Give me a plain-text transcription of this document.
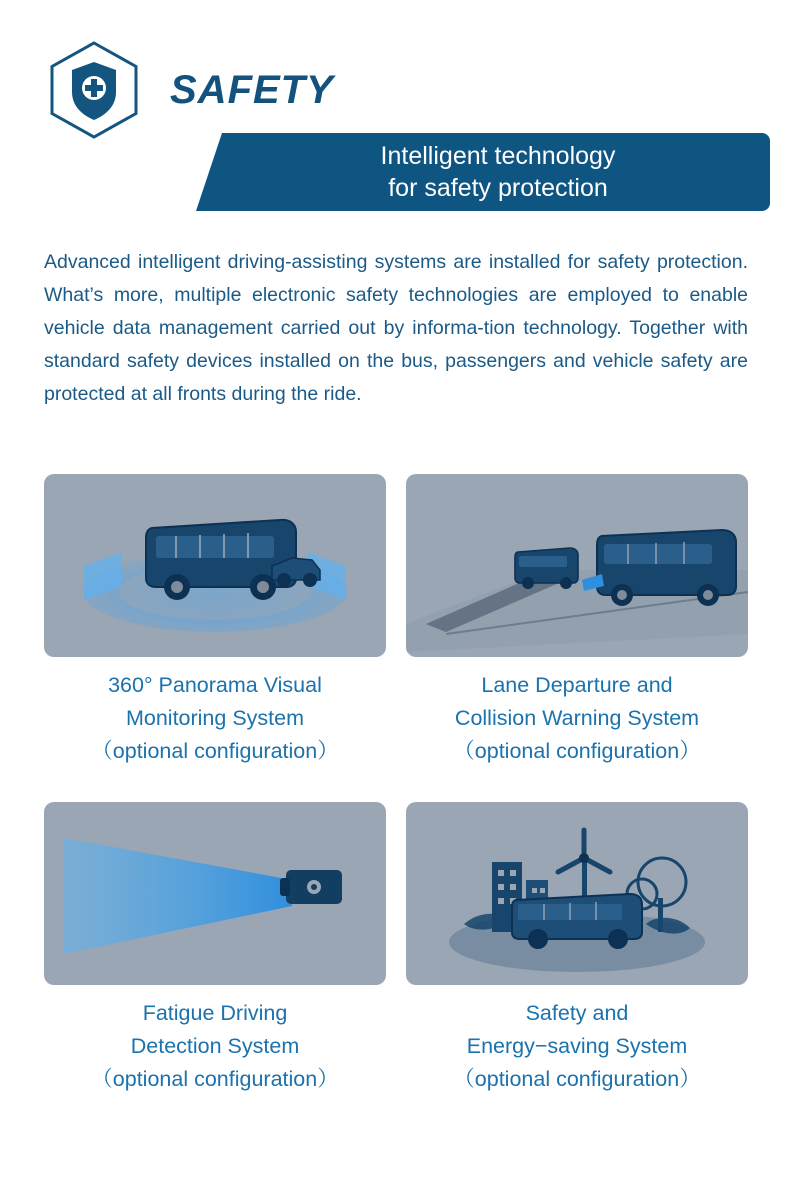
SAFETY
Intelligent technology
for safety protection

Advanced intelligent driving-assisting systems are installed for safety protection. What’s more, multiple electronic safety technologies are employed to enable vehicle data management carried out by informa-tion technology. Together with standard safety devices installed on the bus, passengers and vehicle safety are protected at all fronts during the ride.

360° Panorama Visual
Monitoring System
（optional configuration）
Lane Departure and
Collision Warning System
（optional configuration）
Fatigue Driving
Detection System
（optional configuration）
Safety and
Energy−saving System
（optional configuration）
